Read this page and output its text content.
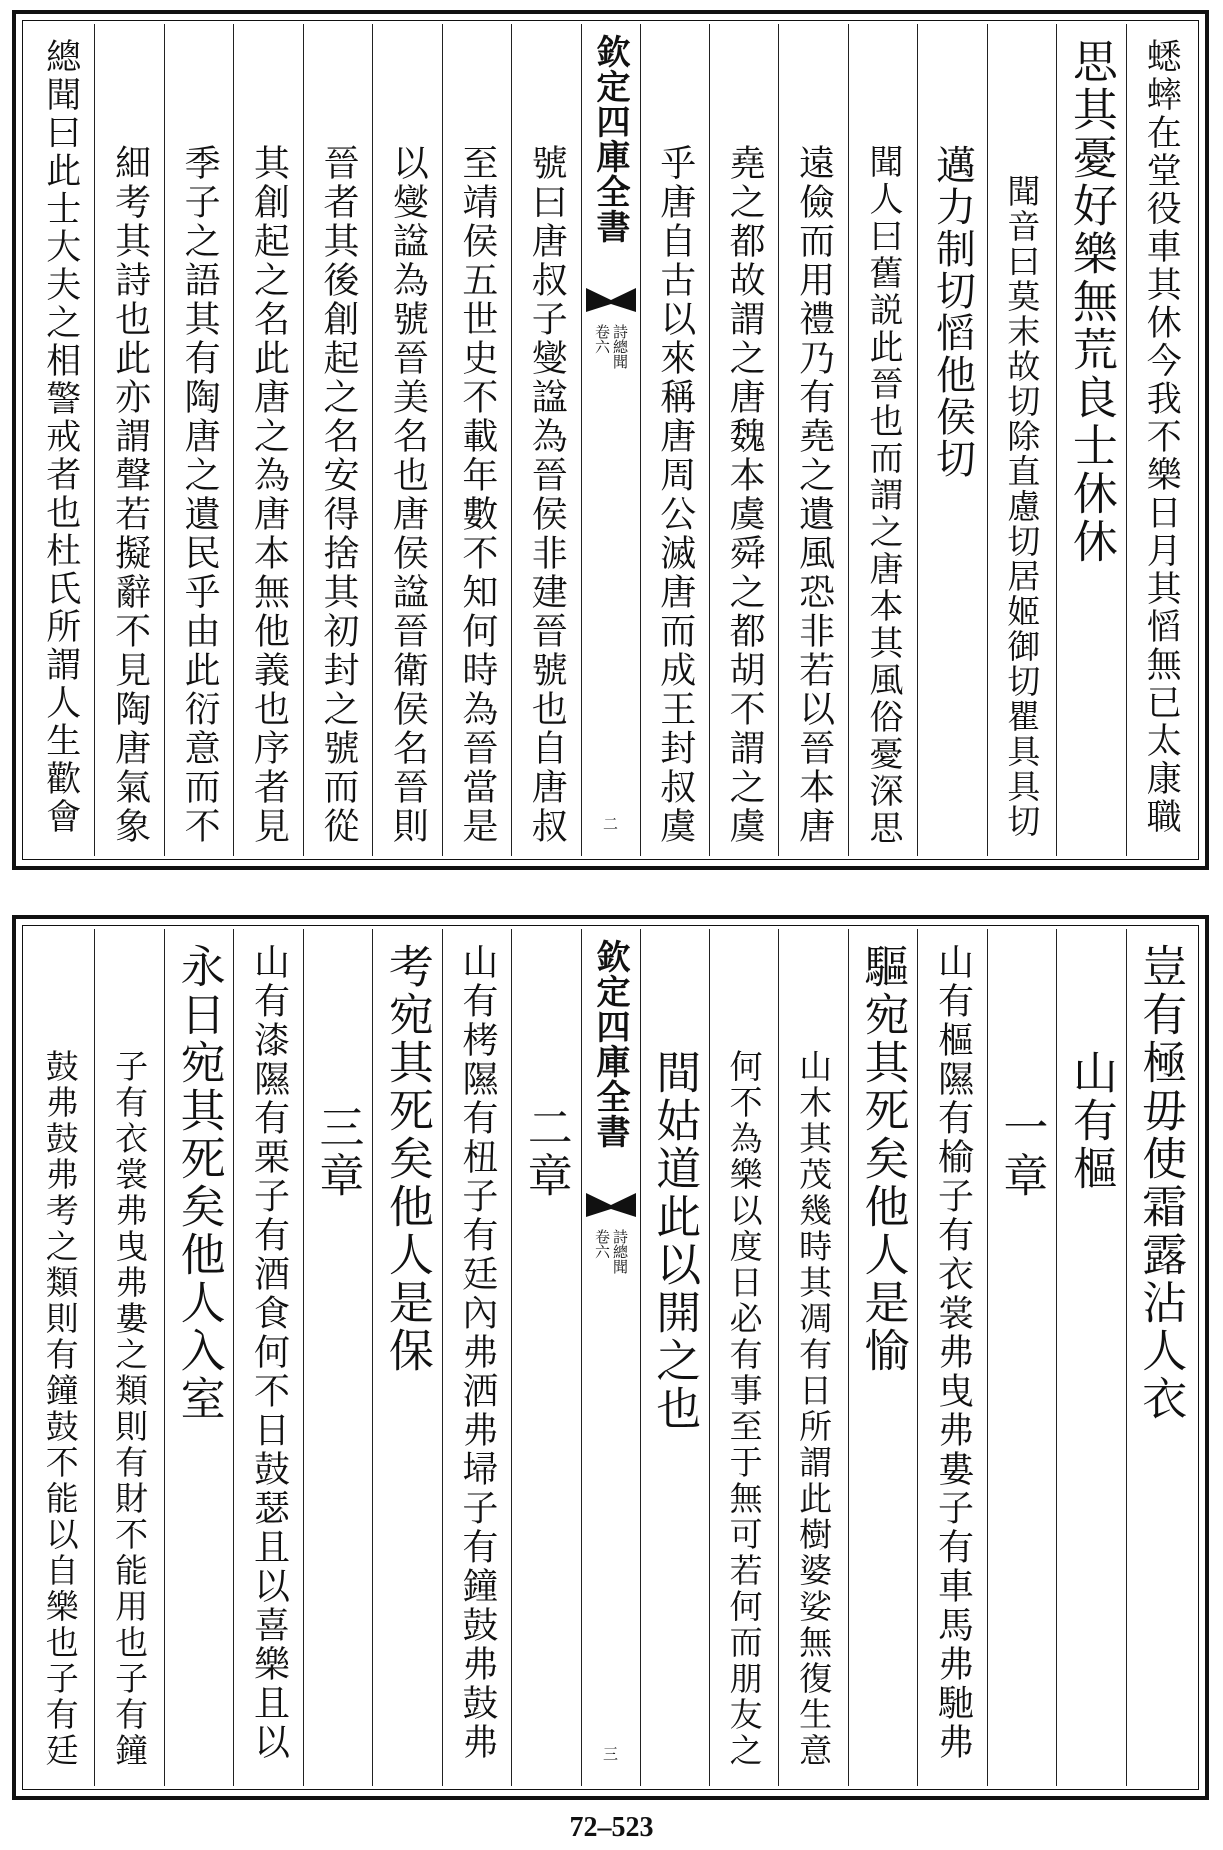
蟋蟀在堂役車其休今我不樂日月其慆無已太康職
思其憂好樂無荒良士休休
聞音曰莫末故切除直慮切居姬御切瞿具具切
邁力制切慆他侯切
聞人曰舊説此晉也而謂之唐本其風俗憂深思
遠儉而用禮乃有堯之遺風恐非若以晉本唐
堯之都故謂之唐魏本虞舜之都胡不謂之虞
乎唐自古以來稱唐周公滅唐而成王封叔虞
欽定四庫全書
詩總聞
卷六
二
號曰唐叔子燮諡為晉侯非建晉號也自唐叔
至靖侯五世史不載年數不知何時為晉當是
以燮諡為號晉美名也唐侯諡晉衛侯名晉則
晉者其後創起之名安得捨其初封之號而從
其創起之名此唐之為唐本無他義也序者見
季子之語其有陶唐之遺民乎由此衍意而不
細考其詩也此亦謂聲若擬辭不見陶唐氣象
總聞曰此士大夫之相警戒者也杜氏所謂人生歡會
豈有極毋使霜露沾人衣
山有樞
一章
山有樞隰有榆子有衣裳弗曳弗婁子有車馬弗馳弗
驅宛其死矣他人是愉
山木其茂幾時其凋有日所謂此樹婆娑無復生意
何不為樂以度日必有事至于無可若何而朋友之
間姑道此以開之也
欽定四庫全書
詩總聞
卷六
三
二章
山有栲隰有杻子有廷內弗洒弗埽子有鐘鼓弗鼓弗
考宛其死矣他人是保
三章
山有漆隰有栗子有酒食何不日鼓瑟且以喜樂且以
永日宛其死矣他人入室
子有衣裳弗曳弗婁之類則有財不能用也子有鐘
鼓弗鼓弗考之類則有鐘鼓不能以自樂也子有廷
72–523
